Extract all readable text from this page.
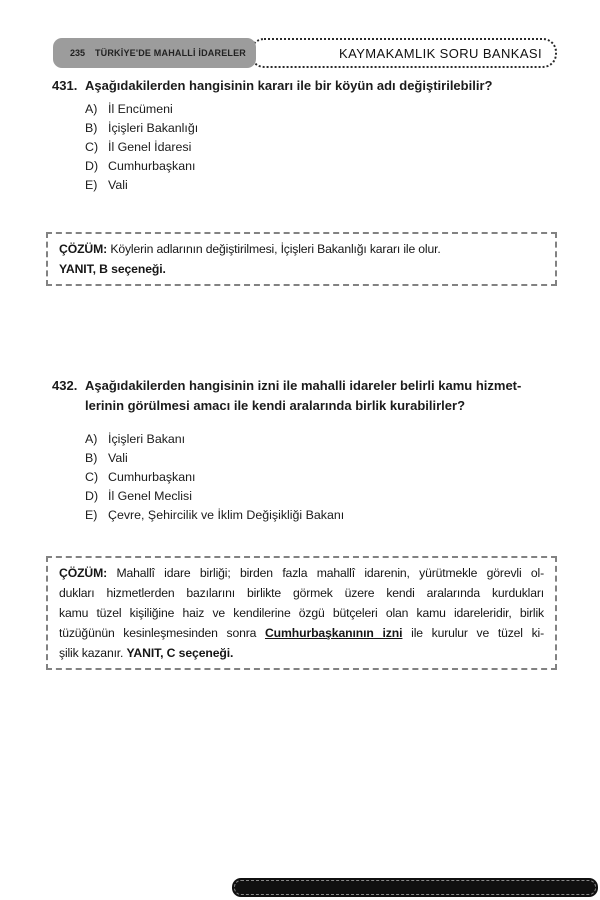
KAYMAKAMLIK SORU BANKASI
235 TÜRKİYE'DE MAHALLİ İDARELER
431. Aşağıdakilerden hangisinin kararı ile bir köyün adı değiştirilebilir?
A) İl Encümeni
B) İçişleri Bakanlığı
C) İl Genel İdaresi
D) Cumhurbaşkanı
E) Vali
ÇÖZÜM: Köylerin adlarının değiştirilmesi, İçişleri Bakanlığı kararı ile olur.
YANIT, B seçeneği.
432. Aşağıdakilerden hangisinin izni ile mahalli idareler belirli kamu hizmet-
lerinin görülmesi amacı ile kendi aralarında birlik kurabilirler?
A) İçişleri Bakanı
B) Vali
C) Cumhurbaşkanı
D) İl Genel Meclisi
E) Çevre, Şehircilik ve İklim Değişikliği Bakanı
ÇÖZÜM: Mahallî idare birliği; birden fazla mahallî idarenin, yürütmekle görevli ol-
dukları hizmetlerden bazılarını birlikte görmek üzere kendi aralarında kurdukları
kamu tüzel kişiliğine haiz ve kendilerine özgü bütçeleri olan kamu idareleridir, birlik
tüzüğünün kesinleşmesinden sonra Cumhurbaşkanının izni ile kurulur ve tüzel ki-
şilik kazanır. YANIT, C seçeneği.
